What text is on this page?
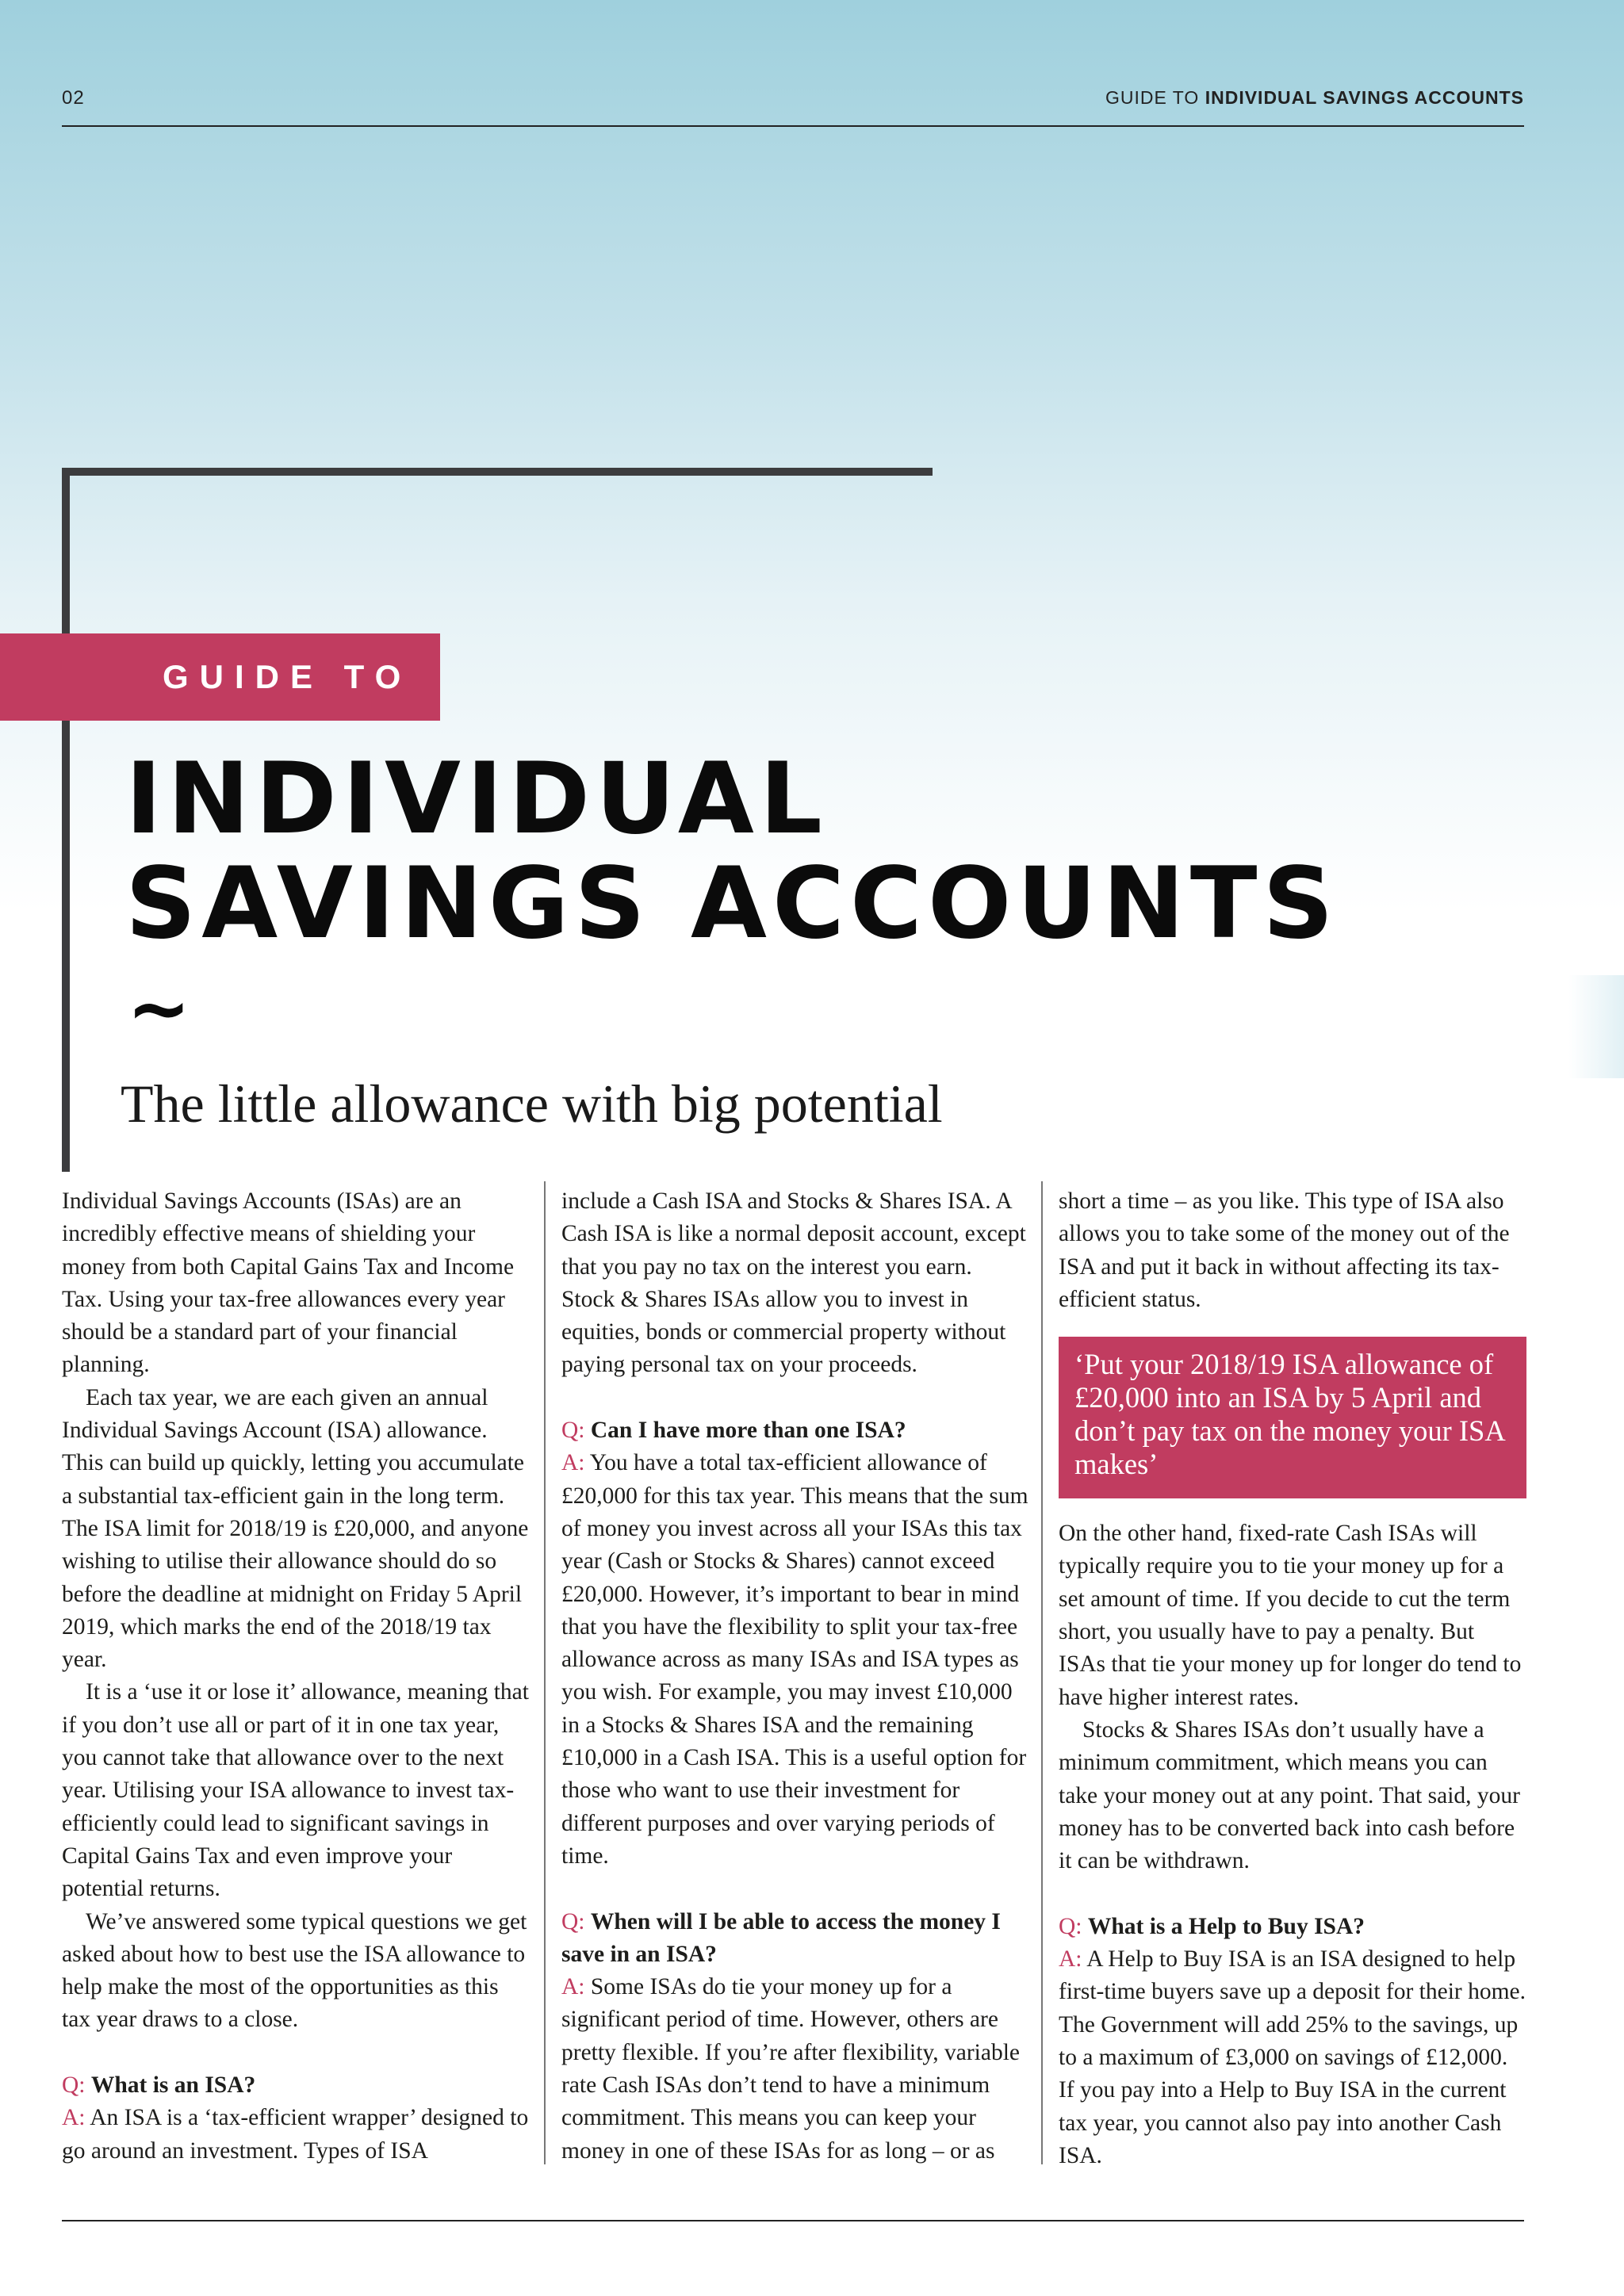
02	GUIDE TO INDIVIDUAL SAVINGS ACCOUNTS
GUIDE TO
INDIVIDUAL
SAVINGS ACCOUNTS
~
The little allowance with big potential

Individual Savings Accounts (ISAs) are an incredibly effective means of shielding your money from both Capital Gains Tax and Income Tax. Using your tax-free allowances every year should be a standard part of your financial planning.

Each tax year, we are each given an annual Individual Savings Account (ISA) allowance. This can build up quickly, letting you accumulate a substantial tax-efficient gain in the long term. The ISA limit for 2018/19 is £20,000, and anyone wishing to utilise their allowance should do so before the deadline at midnight on Friday 5 April 2019, which marks the end of the 2018/19 tax year.

It is a ‘use it or lose it’ allowance, meaning that if you don’t use all or part of it in one tax year, you cannot take that allowance over to the next year. Utilising your ISA allowance to invest tax-efficiently could lead to significant savings in Capital Gains Tax and even improve your potential returns.

We’ve answered some typical questions we get asked about how to best use the ISA allowance to help make the most of the opportunities as this tax year draws to a close.

Q: What is an ISA?

A: An ISA is a ‘tax-efficient wrapper’ designed to go around an investment. Types of ISA

include a Cash ISA and Stocks & Shares ISA. A Cash ISA is like a normal deposit account, except that you pay no tax on the interest you earn. Stock & Shares ISAs allow you to invest in equities, bonds or commercial property without paying personal tax on your proceeds.

Q: Can I have more than one ISA?

A: You have a total tax-efficient allowance of £20,000 for this tax year. This means that the sum of money you invest across all your ISAs this tax year (Cash or Stocks & Shares) cannot exceed £20,000. However, it’s important to bear in mind that you have the flexibility to split your tax-free allowance across as many ISAs and ISA types as you wish. For example, you may invest £10,000 in a Stocks & Shares ISA and the remaining £10,000 in a Cash ISA. This is a useful option for those who want to use their investment for different purposes and over varying periods of time.

Q: When will I be able to access the money I save in an ISA?

A: Some ISAs do tie your money up for a significant period of time. However, others are pretty flexible. If you’re after flexibility, variable rate Cash ISAs don’t tend to have a minimum commitment. This means you can keep your money in one of these ISAs for as long – or as

short a time – as you like. This type of ISA also allows you to take some of the money out of the ISA and put it back in without affecting its tax-efficient status.

‘Put your 2018/19 ISA allowance of £20,000 into an ISA by 5 April and don’t pay tax on the money your ISA makes’

On the other hand, fixed-rate Cash ISAs will typically require you to tie your money up for a set amount of time. If you decide to cut the term short, you usually have to pay a penalty. But ISAs that tie your money up for longer do tend to have higher interest rates.

Stocks & Shares ISAs don’t usually have a minimum commitment, which means you can take your money out at any point. That said, your money has to be converted back into cash before it can be withdrawn.

Q: What is a Help to Buy ISA?

A: A Help to Buy ISA is an ISA designed to help first-time buyers save up a deposit for their home. The Government will add 25% to the savings, up to a maximum of £3,000 on savings of £12,000. If you pay into a Help to Buy ISA in the current tax year, you cannot also pay into another Cash ISA.
